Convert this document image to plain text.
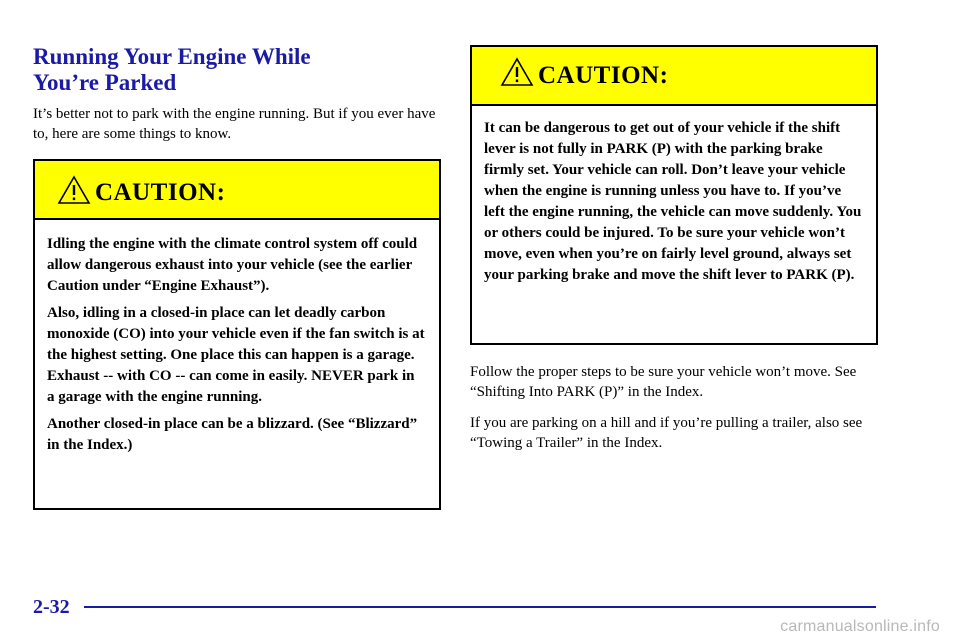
Running Your Engine While
You’re Parked

It’s better not to park with the engine running. But if you ever have to, here are some things to know.

CAUTION:

Idling the engine with the climate control system off could allow dangerous exhaust into your vehicle (see the earlier Caution under “Engine Exhaust”).

Also, idling in a closed-in place can let deadly carbon monoxide (CO) into your vehicle even if the fan switch is at the highest setting. One place this can happen is a garage. Exhaust -- with CO -- can come in easily. NEVER park in a garage with the engine running.

Another closed-in place can be a blizzard. (See “Blizzard” in the Index.)

CAUTION:

It can be dangerous to get out of your vehicle if the shift lever is not fully in PARK (P) with the parking brake firmly set. Your vehicle can roll. Don’t leave your vehicle when the engine is running unless you have to. If you’ve left the engine running, the vehicle can move suddenly. You or others could be injured. To be sure your vehicle won’t move, even when you’re on fairly level ground, always set your parking brake and move the shift lever to PARK (P).

Follow the proper steps to be sure your vehicle won’t move. See “Shifting Into PARK (P)” in the Index.

If you are parking on a hill and if you’re pulling a trailer, also see “Towing a Trailer” in the Index.

2-32
carmanualsonline.info
